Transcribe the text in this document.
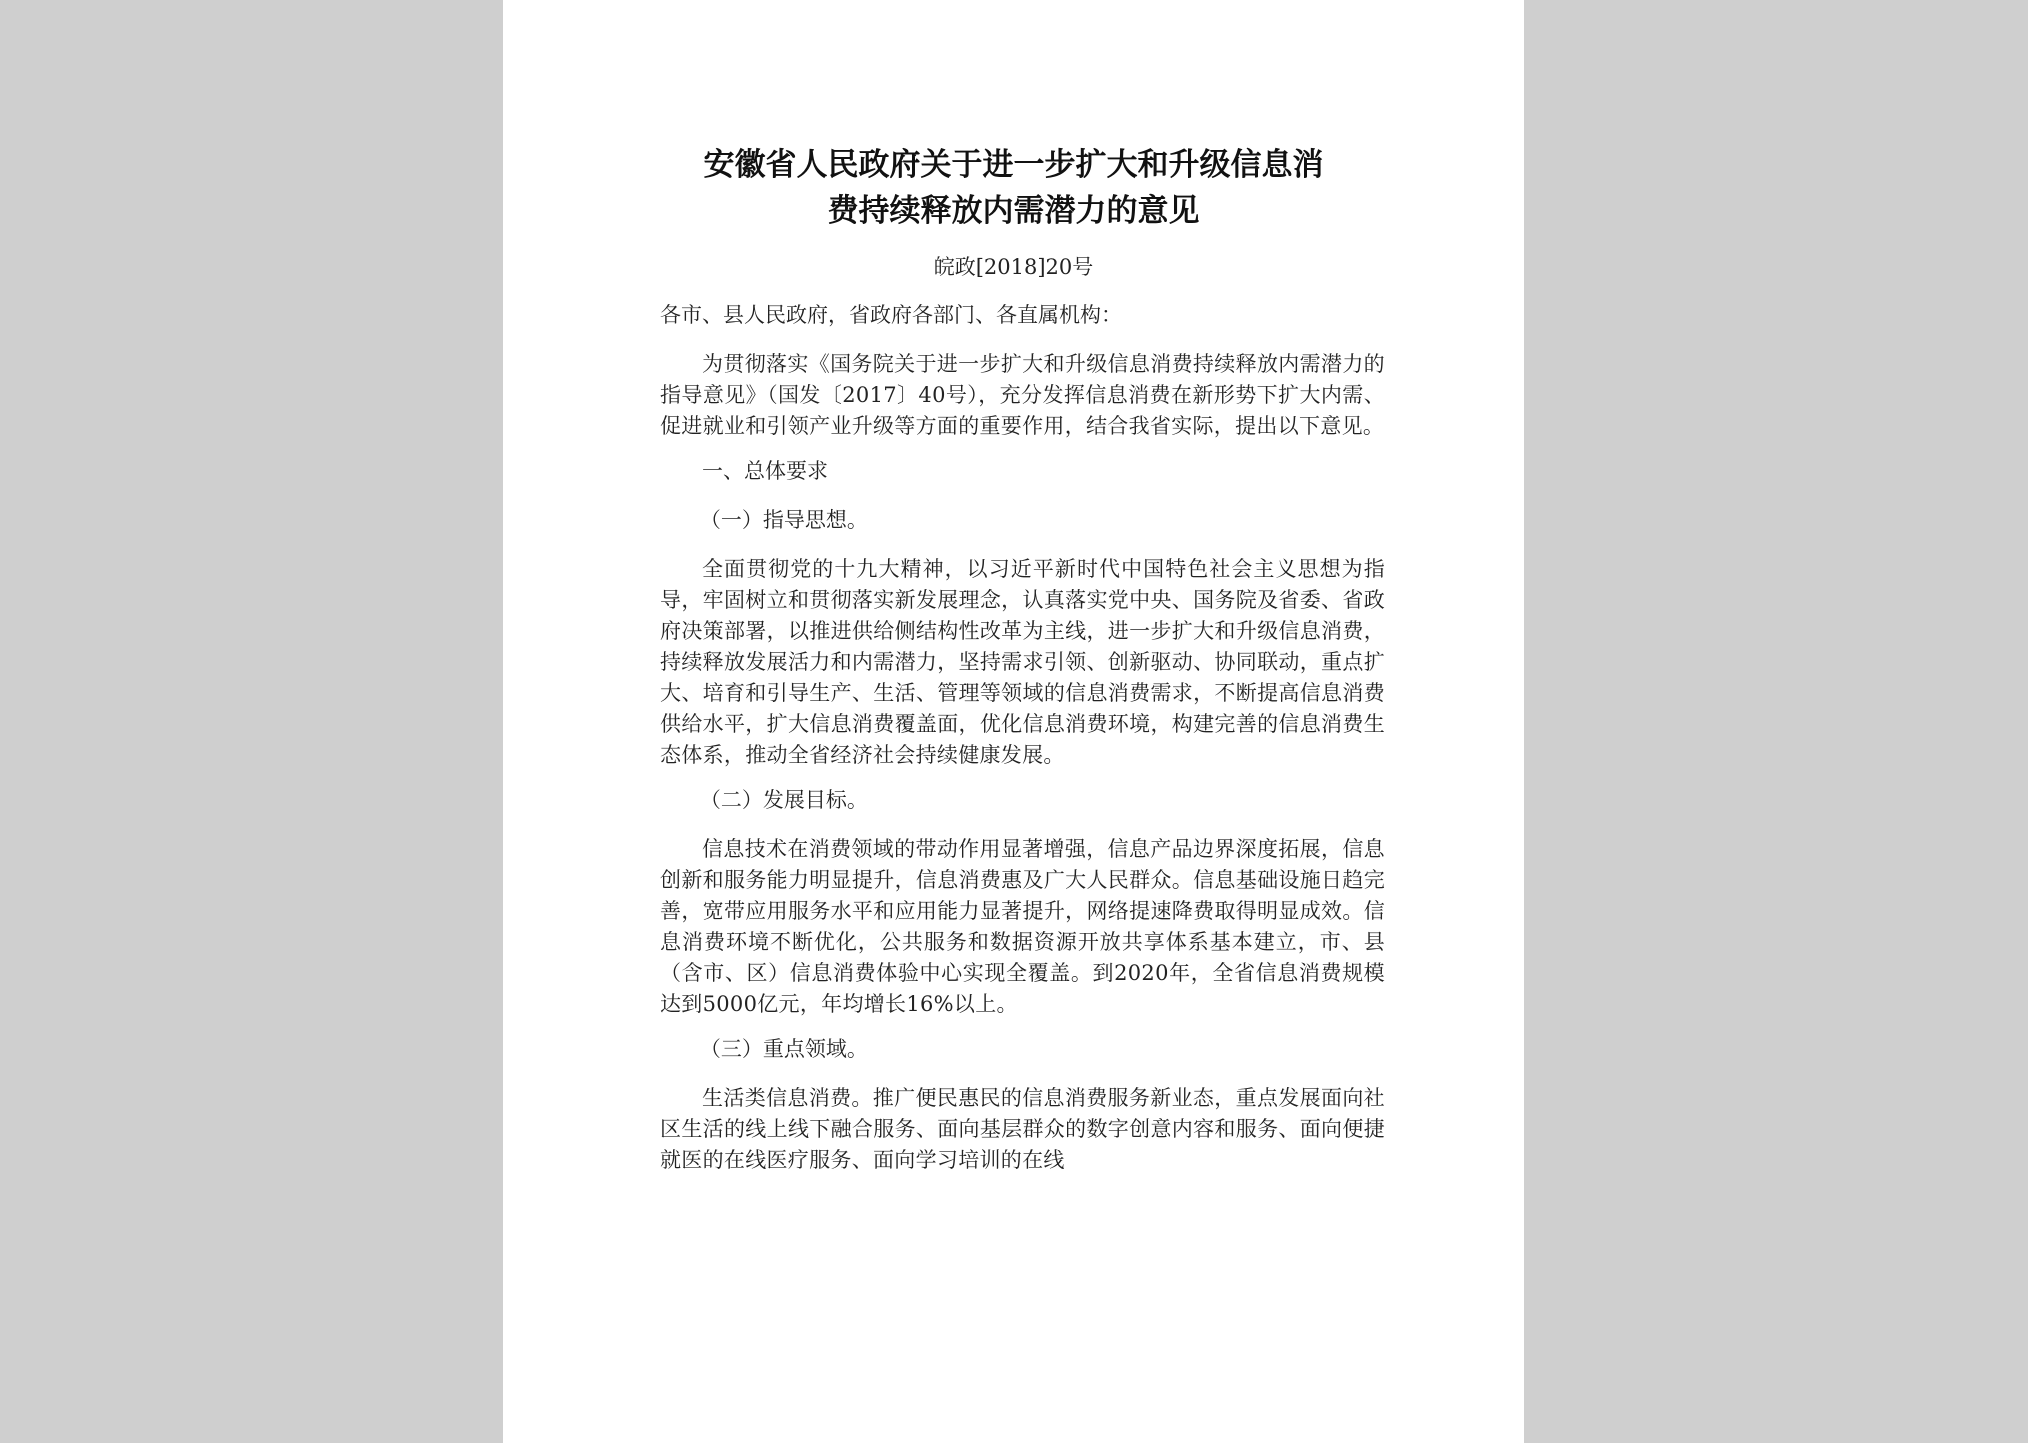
安徽省人民政府关于进一步扩大和升级信息消
费持续释放内需潜力的意见
皖政[2018]20号

各市、县人民政府，省政府各部门、各直属机构：

为贯彻落实《国务院关于进一步扩大和升级信息消费持续释放内需潜力的指导意见》（国发〔2017〕40号），充分发挥信息消费在新形势下扩大内需、促进就业和引领产业升级等方面的重要作用，结合我省实际，提出以下意见。

一、总体要求

（一）指导思想。

全面贯彻党的十九大精神，以习近平新时代中国特色社会主义思想为指导，牢固树立和贯彻落实新发展理念，认真落实党中央、国务院及省委、省政府决策部署，以推进供给侧结构性改革为主线，进一步扩大和升级信息消费，持续释放发展活力和内需潜力，坚持需求引领、创新驱动、协同联动，重点扩大、培育和引导生产、生活、管理等领域的信息消费需求，不断提高信息消费供给水平，扩大信息消费覆盖面，优化信息消费环境，构建完善的信息消费生态体系，推动全省经济社会持续健康发展。

（二）发展目标。

信息技术在消费领域的带动作用显著增强，信息产品边界深度拓展，信息创新和服务能力明显提升，信息消费惠及广大人民群众。信息基础设施日趋完善，宽带应用服务水平和应用能力显著提升，网络提速降费取得明显成效。信息消费环境不断优化，公共服务和数据资源开放共享体系基本建立，市、县（含市、区）信息消费体验中心实现全覆盖。到2020年，全省信息消费规模达到5000亿元，年均增长16%以上。

（三）重点领域。

生活类信息消费。推广便民惠民的信息消费服务新业态，重点发展面向社区生活的线上线下融合服务、面向基层群众的数字创意内容和服务、面向便捷就医的在线医疗服务、面向学习培训的在线
